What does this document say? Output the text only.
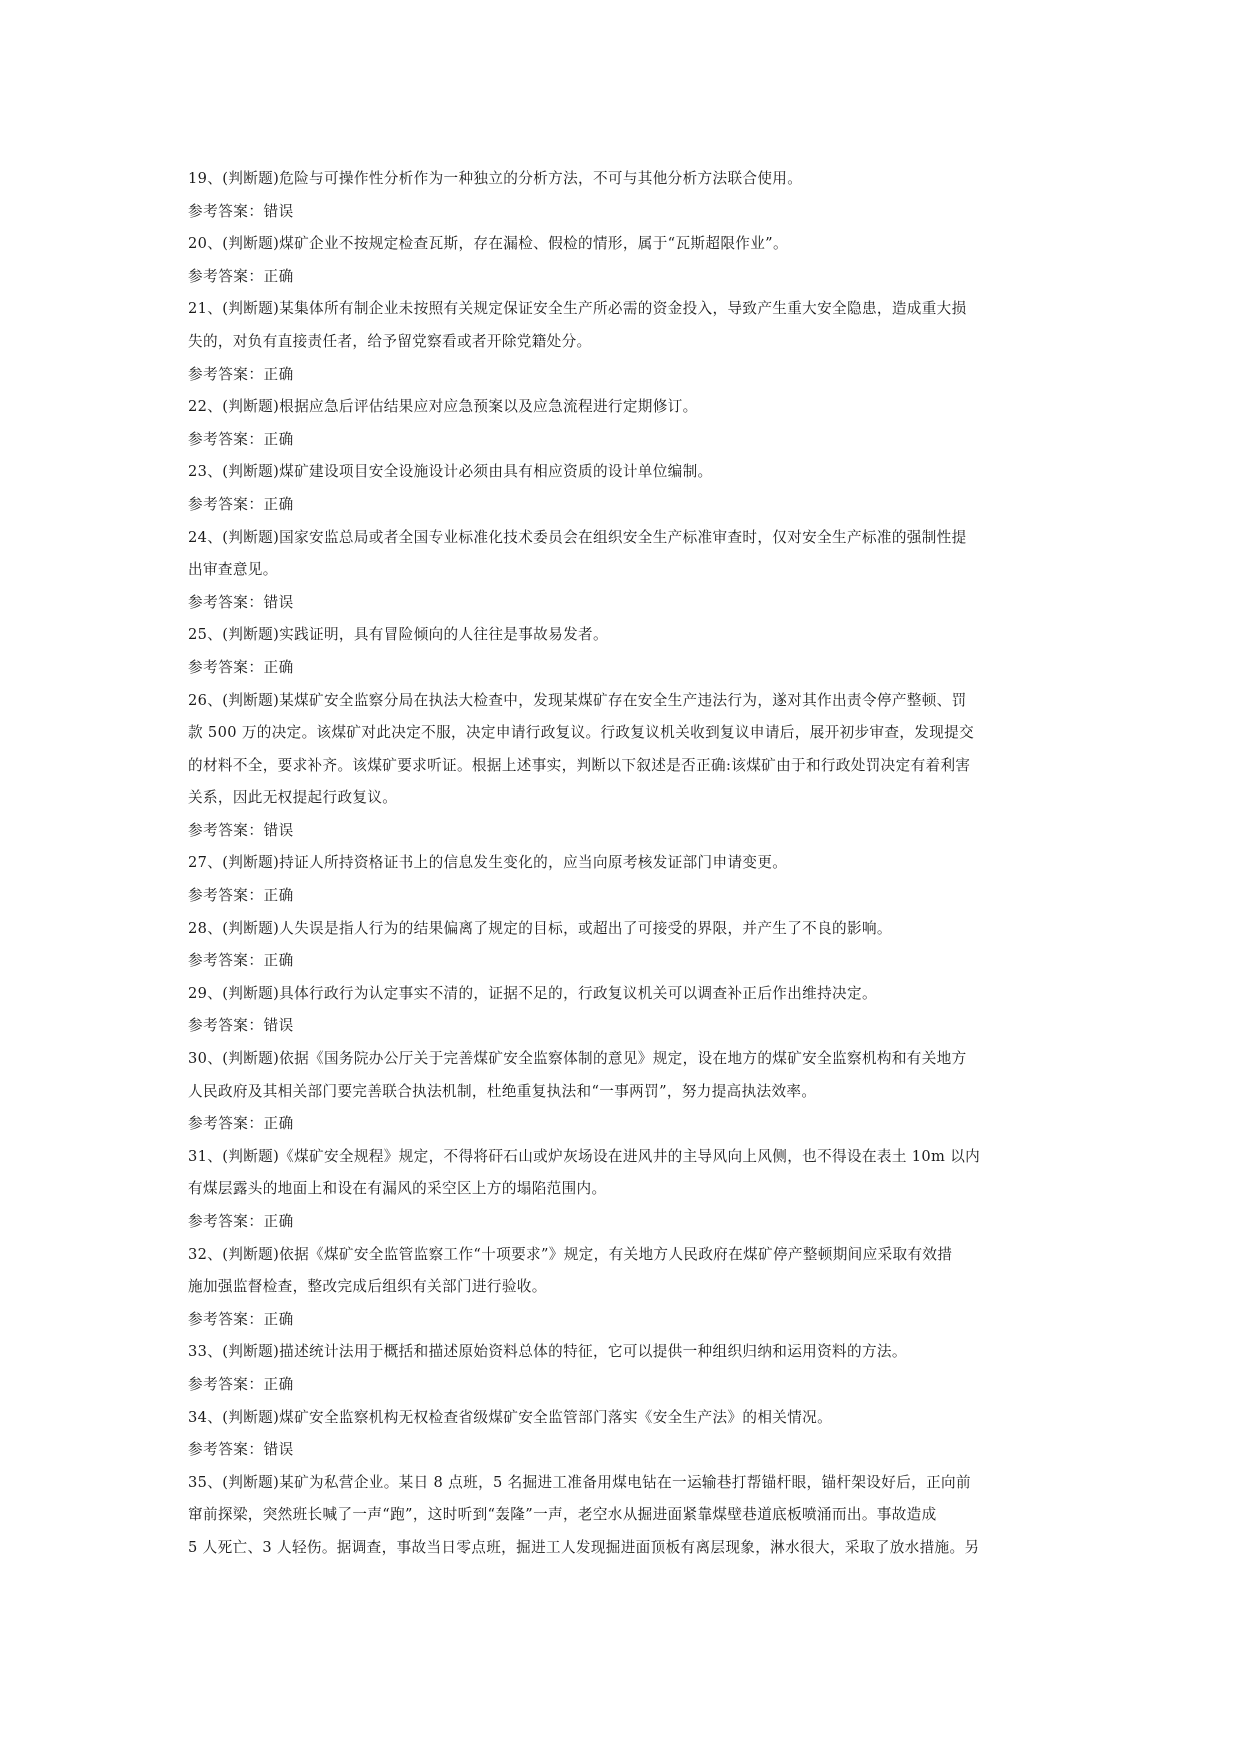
19、(判断题)危险与可操作性分析作为一种独立的分析方法，不可与其他分析方法联合使用。
参考答案：错误
20、(判断题)煤矿企业不按规定检查瓦斯，存在漏检、假检的情形，属于“瓦斯超限作业”。
参考答案：正确
21、(判断题)某集体所有制企业未按照有关规定保证安全生产所必需的资金投入，导致产生重大安全隐患，造成重大损
失的，对负有直接责任者，给予留党察看或者开除党籍处分。
参考答案：正确
22、(判断题)根据应急后评估结果应对应急预案以及应急流程进行定期修订。
参考答案：正确
23、(判断题)煤矿建设项目安全设施设计必须由具有相应资质的设计单位编制。
参考答案：正确
24、(判断题)国家安监总局或者全国专业标准化技术委员会在组织安全生产标准审查时，仅对安全生产标准的强制性提
出审查意见。
参考答案：错误
25、(判断题)实践证明，具有冒险倾向的人往往是事故易发者。
参考答案：正确
26、(判断题)某煤矿安全监察分局在执法大检查中，发现某煤矿存在安全生产违法行为，遂对其作出责令停产整顿、罚
款 500 万的决定。该煤矿对此决定不服，决定申请行政复议。行政复议机关收到复议申请后，展开初步审查，发现提交
的材料不全，要求补齐。该煤矿要求听证。根据上述事实，判断以下叙述是否正确:该煤矿由于和行政处罚决定有着利害
关系，因此无权提起行政复议。
参考答案：错误
27、(判断题)持证人所持资格证书上的信息发生变化的，应当向原考核发证部门申请变更。
参考答案：正确
28、(判断题)人失误是指人行为的结果偏离了规定的目标，或超出了可接受的界限，并产生了不良的影响。
参考答案：正确
29、(判断题)具体行政行为认定事实不清的，证据不足的，行政复议机关可以调查补正后作出维持决定。
参考答案：错误
30、(判断题)依据《国务院办公厅关于完善煤矿安全监察体制的意见》规定，设在地方的煤矿安全监察机构和有关地方
人民政府及其相关部门要完善联合执法机制，杜绝重复执法和“一事两罚”，努力提高执法效率。
参考答案：正确
31、(判断题)《煤矿安全规程》规定，不得将矸石山或炉灰场设在进风井的主导风向上风侧，也不得设在表土 10m 以内
有煤层露头的地面上和设在有漏风的采空区上方的塌陷范围内。
参考答案：正确
32、(判断题)依据《煤矿安全监管监察工作“十项要求”》规定，有关地方人民政府在煤矿停产整顿期间应采取有效措
施加强监督检查，整改完成后组织有关部门进行验收。
参考答案：正确
33、(判断题)描述统计法用于概括和描述原始资料总体的特征，它可以提供一种组织归纳和运用资料的方法。
参考答案：正确
34、(判断题)煤矿安全监察机构无权检查省级煤矿安全监管部门落实《安全生产法》的相关情况。
参考答案：错误
35、(判断题)某矿为私营企业。某日 8 点班，5 名掘进工准备用煤电钻在一运输巷打帮锚杆眼，锚杆架设好后，正向前
窜前探梁，突然班长喊了一声“跑”，这时听到“轰隆”一声，老空水从掘进面紧靠煤壁巷道底板喷涌而出。事故造成
5 人死亡、3 人轻伤。据调查，事故当日零点班，掘进工人发现掘进面顶板有离层现象，淋水很大，采取了放水措施。另
